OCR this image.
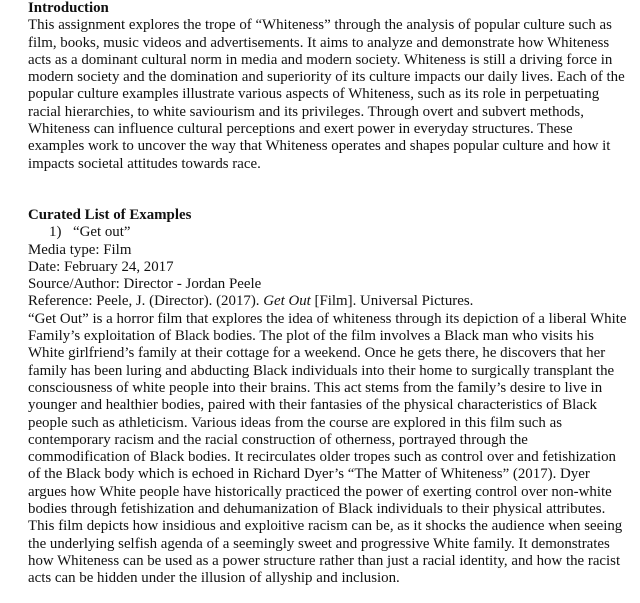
Introduction

This assignment explores the trope of “Whiteness” through the analysis of popular culture such as film, books, music videos and advertisements. It aims to analyze and demonstrate how Whiteness acts as a dominant cultural norm in media and modern society. Whiteness is still a driving force in modern society and the domination and superiority of its culture impacts our daily lives. Each of the popular culture examples illustrate various aspects of Whiteness, such as its role in perpetuating racial hierarchies, to white saviourism and its privileges. Through overt and subvert methods, Whiteness can influence cultural perceptions and exert power in everyday structures. These examples work to uncover the way that Whiteness operates and shapes popular culture and how it impacts societal attitudes towards race.

Curated List of Examples

1) “Get out”

Media type: Film

Date: February 24, 2017

Source/Author: Director - Jordan Peele

Reference: Peele, J. (Director). (2017). Get Out [Film]. Universal Pictures.

“Get Out” is a horror film that explores the idea of whiteness through its depiction of a liberal White Family’s exploitation of Black bodies. The plot of the film involves a Black man who visits his White girlfriend’s family at their cottage for a weekend. Once he gets there, he discovers that her family has been luring and abducting Black individuals into their home to surgically transplant the consciousness of white people into their brains. This act stems from the family’s desire to live in younger and healthier bodies, paired with their fantasies of the physical characteristics of Black people such as athleticism. Various ideas from the course are explored in this film such as contemporary racism and the racial construction of otherness, portrayed through the commodification of Black bodies. It recirculates older tropes such as control over and fetishization of the Black body which is echoed in Richard Dyer’s “The Matter of Whiteness” (2017). Dyer argues how White people have historically practiced the power of exerting control over non-white bodies through fetishization and dehumanization of Black individuals to their physical attributes. This film depicts how insidious and exploitive racism can be, as it shocks the audience when seeing the underlying selfish agenda of a seemingly sweet and progressive White family. It demonstrates how Whiteness can be used as a power structure rather than just a racial identity, and how the racist acts can be hidden under the illusion of allyship and inclusion.
